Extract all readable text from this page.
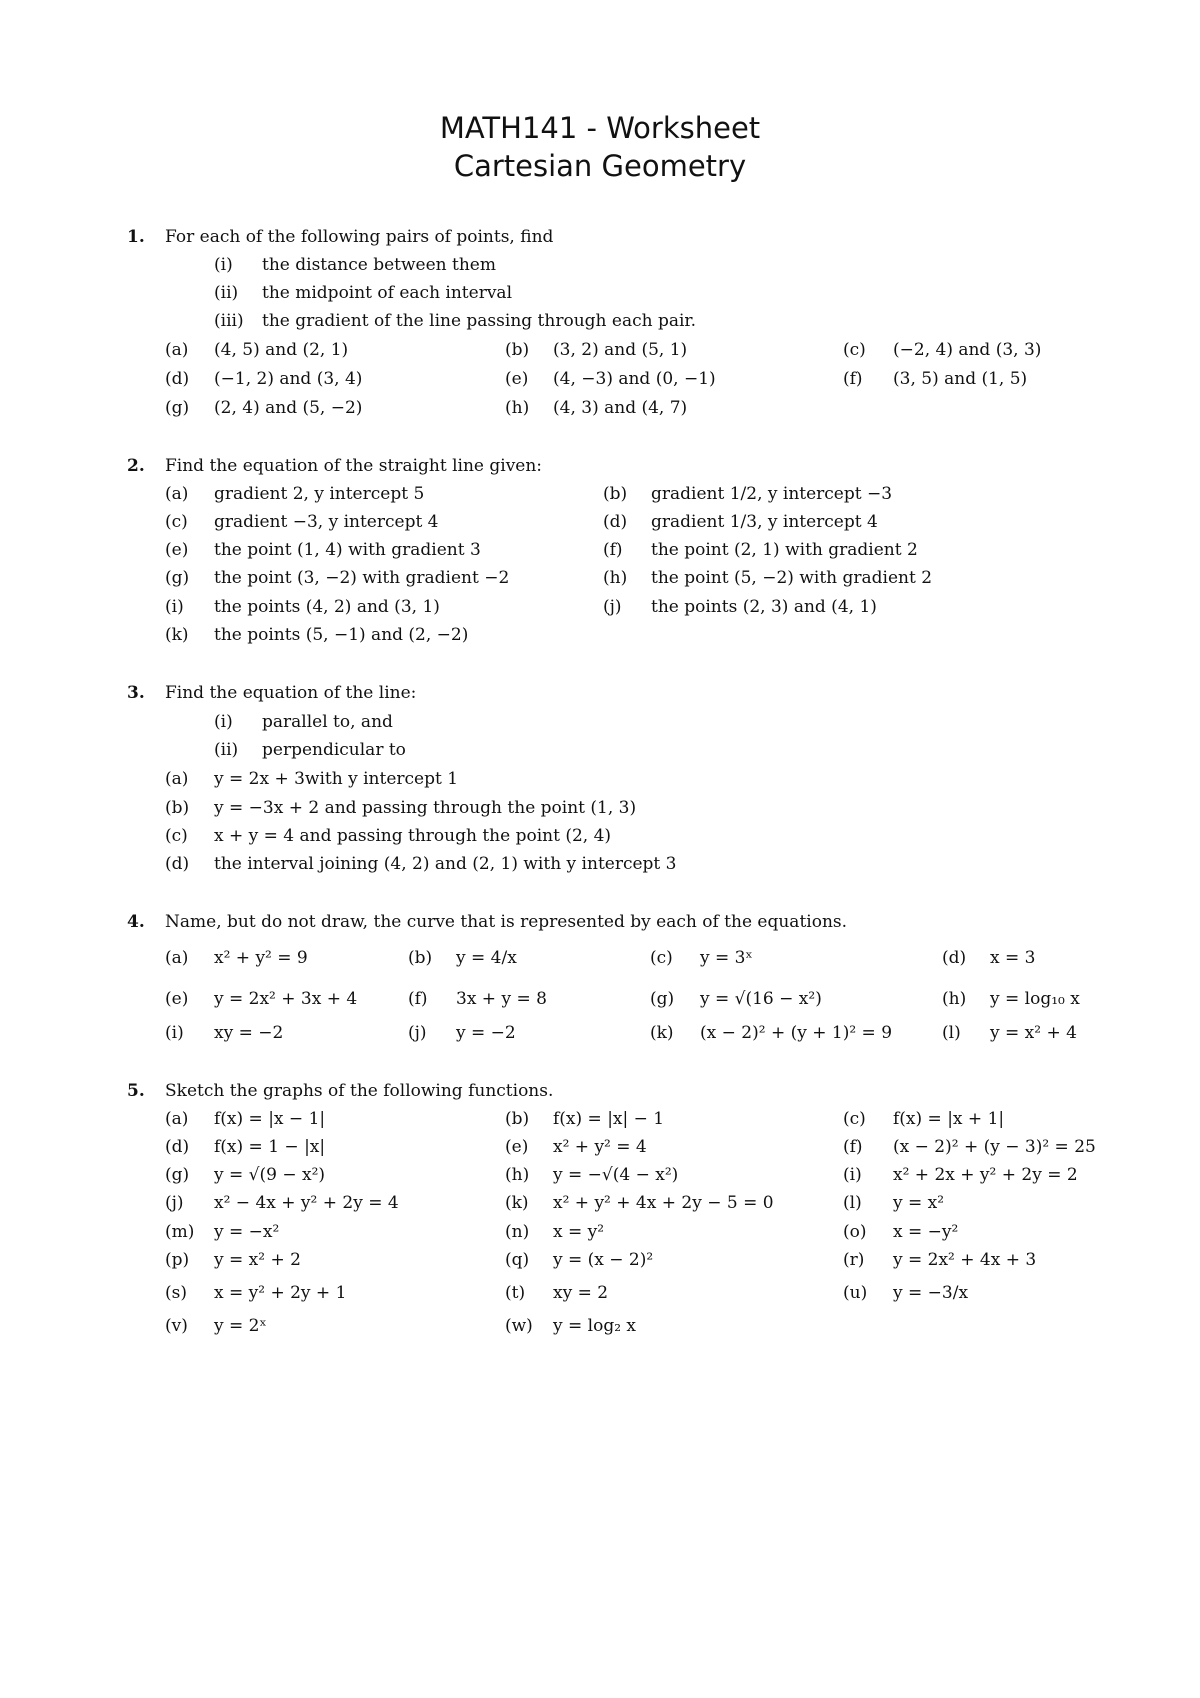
MATH141 - Worksheet
Cartesian Geometry
1. For each of the following pairs of points, find
(i) the distance between them
(ii) the midpoint of each interval
(iii) the gradient of the line passing through each pair.
(a) (4, 5) and (2, 1)	(b) (3, 2) and (5, 1)	(c) (−2, 4) and (3, 3)
(d) (−1, 2) and (3, 4)	(e) (4, −3) and (0, −1)	(f) (3, 5) and (1, 5)
(g) (2, 4) and (5, −2)	(h) (4, 3) and (4, 7)
2. Find the equation of the straight line given:
(a) gradient 2, y intercept 5	(b) gradient 1/2, y intercept −3
(c) gradient −3, y intercept 4	(d) gradient 1/3, y intercept 4
(e) the point (1, 4) with gradient 3	(f) the point (2, 1) with gradient 2
(g) the point (3, −2) with gradient −2	(h) the point (5, −2) with gradient 2
(i) the points (4, 2) and (3, 1)	(j) the points (2, 3) and (4, 1)
(k) the points (5, −1) and (2, −2)
3. Find the equation of the line:
(i) parallel to, and
(ii) perpendicular to
(a) y = 2x + 3with y intercept 1
(b) y = −3x + 2 and passing through the point (1, 3)
(c) x + y = 4 and passing through the point (2, 4)
(d) the interval joining (4, 2) and (2, 1) with y intercept 3
4. Name, but do not draw, the curve that is represented by each of the equations.
(a) x² + y² = 9	(b) y = 4/x	(c) y = 3ˣ	(d) x = 3
(e) y = 2x² + 3x + 4	(f) 3x + y = 8	(g) y = √(16 − x²)	(h) y = log₁₀ x
(i) xy = −2	(j) y = −2	(k) (x − 2)² + (y + 1)² = 9	(l) y = x² + 4
5. Sketch the graphs of the following functions.
(a) f(x) = |x − 1|	(b) f(x) = |x| − 1	(c) f(x) = |x + 1|
(d) f(x) = 1 − |x|	(e) x² + y² = 4	(f) (x − 2)² + (y − 3)² = 25
(g) y = √(9 − x²)	(h) y = −√(4 − x²)	(i) x² + 2x + y² + 2y = 2
(j) x² − 4x + y² + 2y = 4	(k) x² + y² + 4x + 2y − 5 = 0	(l) y = x²
(m) y = −x²	(n) x = y²	(o) x = −y²
(p) y = x² + 2	(q) y = (x − 2)²	(r) y = 2x² + 4x + 3
(s) x = y² + 2y + 1	(t) xy = 2	(u) y = −3/x
(v) y = 2ˣ	(w) y = log₂ x
